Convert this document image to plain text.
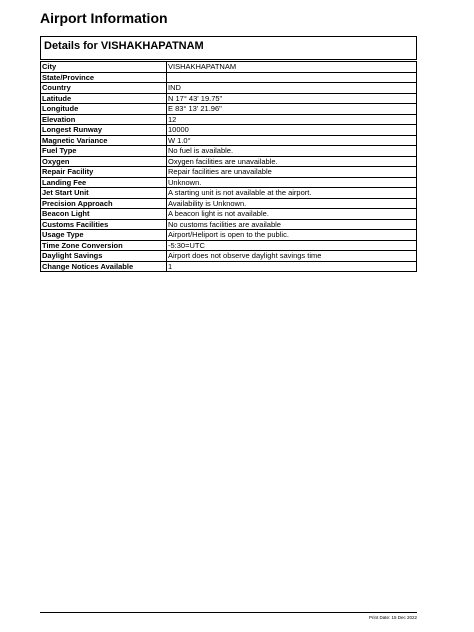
Airport Information
Details for VISHAKHAPATNAM
City	VISHAKHAPATNAM
State/Province	
Country	IND
Latitude	N 17° 43' 19.75"
Longitude	E 83° 13' 21.96"
Elevation	12
Longest Runway	10000
Magnetic Variance	W 1.0°
Fuel Type	No fuel is available.
Oxygen	Oxygen facilities are unavailable.
Repair Facility	Repair facilities are unavailable
Landing Fee	Unknown.
Jet Start Unit	A starting unit is not available at the airport.
Precision Approach	Availability is Unknown.
Beacon Light	A beacon light is not available.
Customs Facilities	No customs facilities are available
Usage Type	Airport/Heliport is open to the public.
Time Zone Conversion	-5:30=UTC
Daylight Savings	Airport does not observe daylight savings time
Change Notices Available	1
Print Date: 15 Dec 2022
